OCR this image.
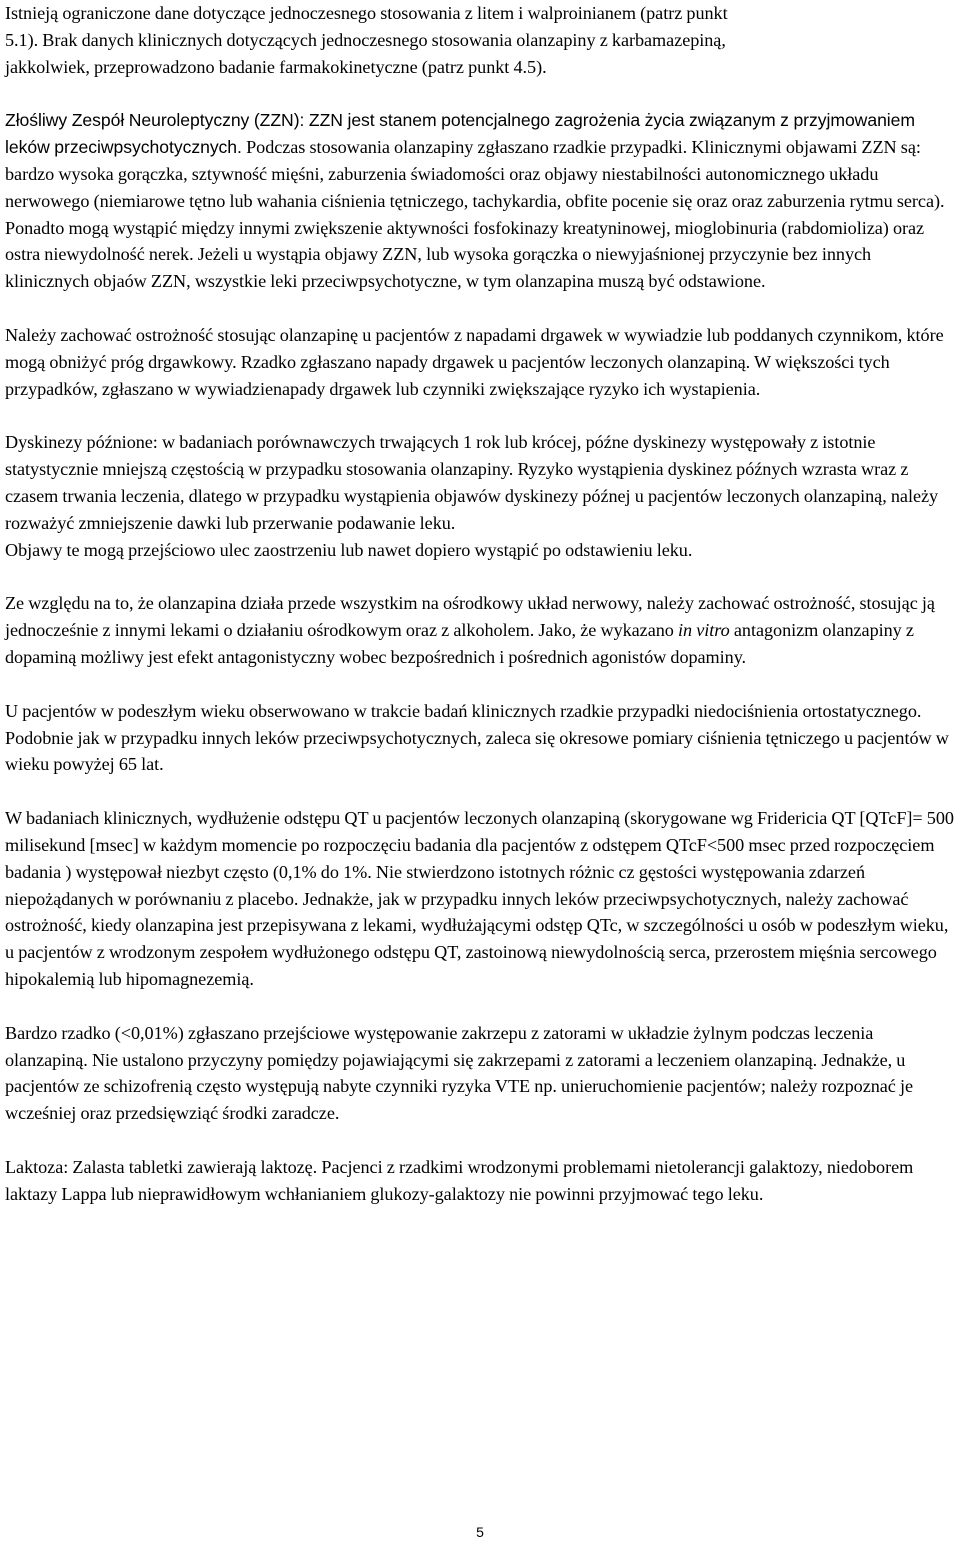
Istnieją ograniczone dane dotyczące jednoczesnego stosowania z litem i walproinianem (patrz punkt
5.1). Brak danych klinicznych dotyczących jednoczesnego stosowania olanzapiny z karbamazepiną,
jakkolwiek, przeprowadzono badanie farmakokinetyczne (patrz punkt 4.5).

Złośliwy Zespół Neuroleptyczny (ZZN): ZZN jest stanem potencjalnego zagrożenia życia związanym z przyjmowaniem leków przeciwpsychotycznych. Podczas stosowania olanzapiny zgłaszano rzadkie przypadki. Klinicznymi objawami ZZN są: bardzo wysoka gorączka, sztywność mięśni, zaburzenia świadomości oraz objawy niestabilności autonomicznego układu nerwowego (niemiarowe tętno lub wahania ciśnienia tętniczego, tachykardia, obfite pocenie się oraz oraz zaburzenia rytmu serca). Ponadto mogą wystąpić między innymi zwiększenie aktywności fosfokinazy kreatyninowej, mioglobinuria (rabdomioliza) oraz ostra niewydolność nerek. Jeżeli u wystąpia objawy ZZN, lub wysoka gorączka o niewyjaśnionej przyczynie bez innych klinicznych objaów ZZN, wszystkie leki przeciwpsychotyczne, w tym olanzapina muszą być odstawione.

Należy zachować ostrożność stosując olanzapinę u pacjentów z napadami drgawek w wywiadzie lub poddanych czynnikom, które mogą obniżyć próg drgawkowy. Rzadko zgłaszano napady drgawek u pacjentów leczonych olanzapiną. W większości tych przypadków, zgłaszano w wywiadzienapady drgawek lub czynniki zwiększające ryzyko ich wystapienia.

Dyskinezy późnione: w badaniach porównawczych trwających 1 rok lub krócej, późne dyskinezy występowały z istotnie statystycznie mniejszą częstością w przypadku stosowania olanzapiny. Ryzyko wystąpienia dyskinez późnych wzrasta wraz z czasem trwania leczenia, dlatego w przypadku wystąpienia objawów dyskinezy późnej u pacjentów leczonych olanzapiną, należy rozważyć zmniejszenie dawki lub przerwanie podawanie leku.
Objawy te mogą przejściowo ulec zaostrzeniu lub nawet dopiero wystąpić po odstawieniu leku.

Ze względu na to, że olanzapina działa przede wszystkim na ośrodkowy układ nerwowy, należy zachować ostrożność, stosując ją jednocześnie z innymi lekami o działaniu ośrodkowym oraz z alkoholem. Jako, że wykazano in vitro antagonizm olanzapiny z dopaminą możliwy jest efekt antagonistyczny wobec bezpośrednich i pośrednich agonistów dopaminy.

U pacjentów w podeszłym wieku obserwowano w trakcie badań klinicznych rzadkie przypadki niedociśnienia ortostatycznego. Podobnie jak w przypadku innych leków przeciwpsychotycznych, zaleca się okresowe pomiary ciśnienia tętniczego u pacjentów w wieku powyżej 65 lat.

W badaniach klinicznych, wydłużenie odstępu QT u pacjentów leczonych olanzapiną (skorygowane wg Fridericia QT [QTcF]= 500 milisekund [msec] w każdym momencie po rozpoczęciu badania dla pacjentów z odstępem QTcF<500 msec przed rozpoczęciem badania ) występował niezbyt często (0,1% do 1%. Nie stwierdzono istotnych różnic cz gęstości występowania zdarzeń niepożądanych w porównaniu z placebo. Jednakże, jak w przypadku innych leków przeciwpsychotycznych, należy zachować ostrożność, kiedy olanzapina jest przepisywana z lekami, wydłużającymi odstęp QTc, w szczególności u osób w podeszłym wieku, u pacjentów z wrodzonym zespołem wydłużonego odstępu QT, zastoinową niewydolnością serca, przerostem mięśnia sercowego hipokalemią lub hipomagnezemią.

Bardzo rzadko (<0,01%) zgłaszano przejściowe występowanie zakrzepu z zatorami w układzie żylnym podczas leczenia olanzapiną. Nie ustalono przyczyny pomiędzy pojawiającymi się zakrzepami z zatorami a leczeniem olanzapiną. Jednakże, u pacjentów ze schizofrenią często występują nabyte czynniki ryzyka VTE np. unieruchomienie pacjentów; należy rozpoznać je wcześniej oraz przedsięwziąć środki zaradcze.

Laktoza: Zalasta tabletki zawierają laktozę. Pacjenci z rzadkimi wrodzonymi problemami nietolerancji galaktozy, niedoborem laktazy Lappa lub nieprawidłowym wchłanianiem glukozy-galaktozy nie powinni przyjmować tego leku.

5
